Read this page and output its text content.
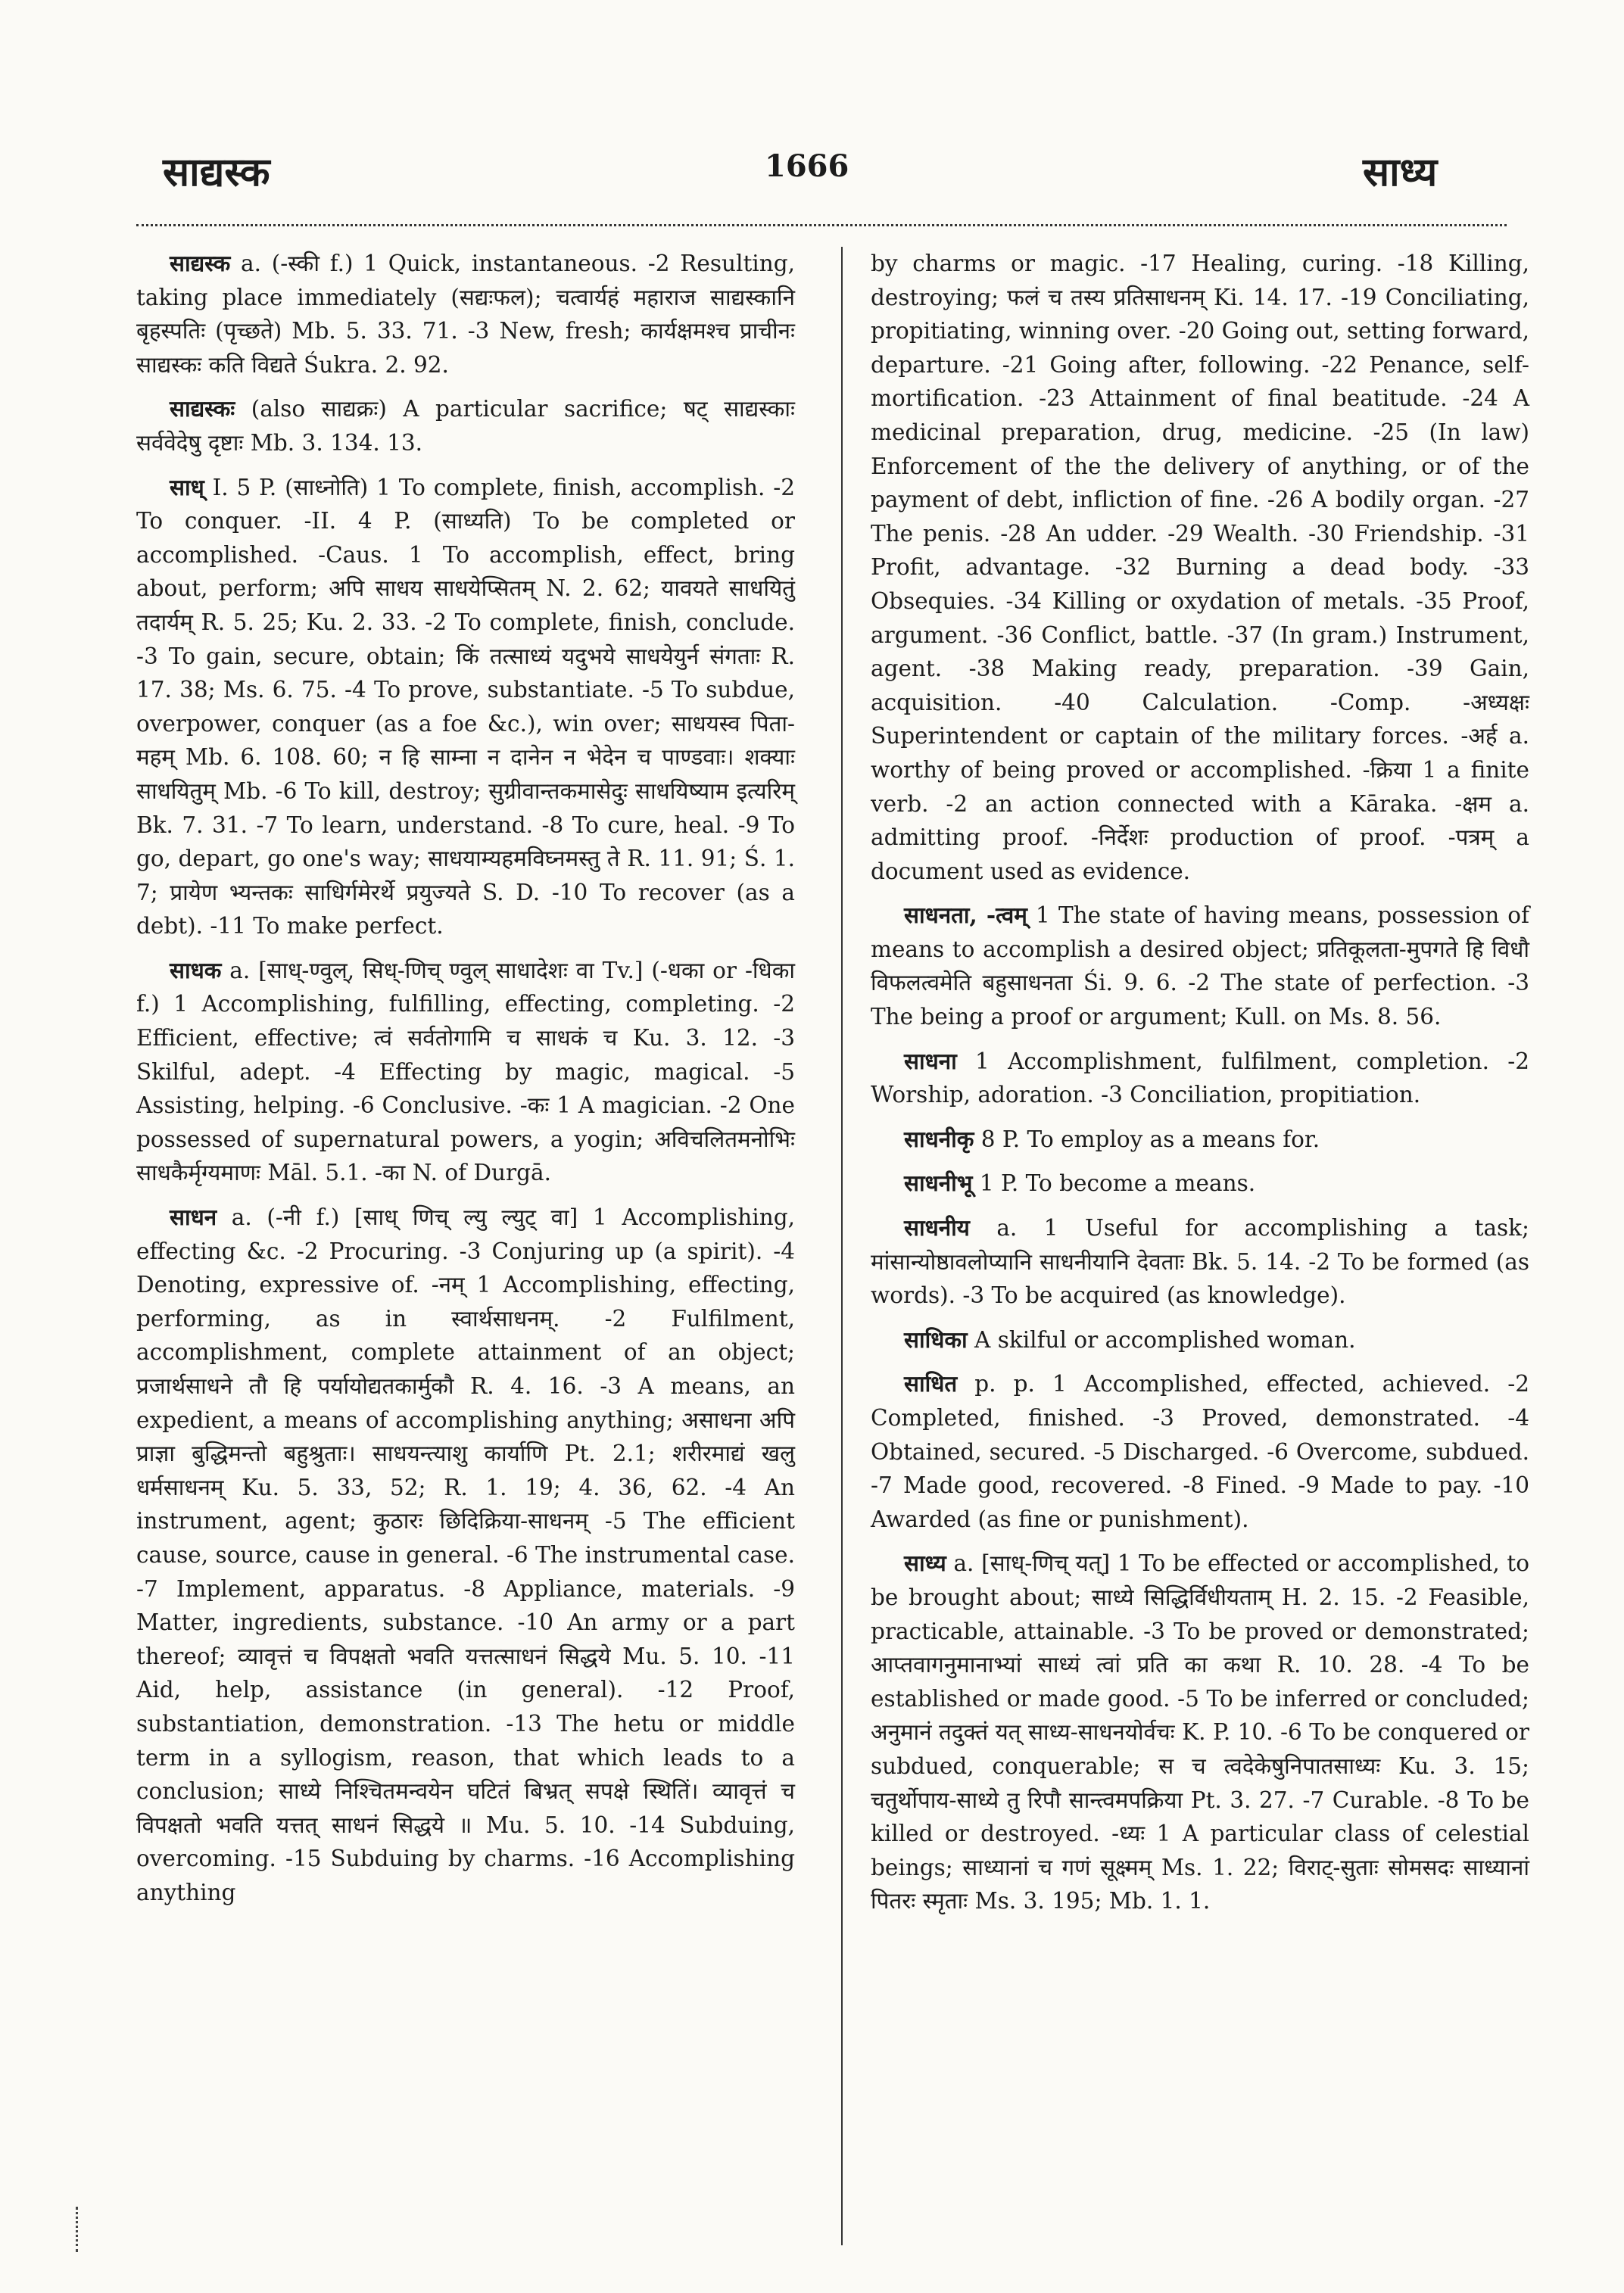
साद्यस्क	1666	साध्य

साद्यस्क a. (-स्की f.) 1 Quick, instantaneous. -2 Resulting, taking place immediately (सद्यःफल); चत्वार्यहं महाराज साद्यस्कानि बृहस्पतिः (पृच्छते) Mb. 5. 33. 71. -3 New, fresh; कार्यक्षमश्च प्राचीनः साद्यस्कः कति विद्यते Śukra. 2. 92.

साद्यस्कः (also साद्यक्रः) A particular sacrifice; षट् साद्यस्काः सर्ववेदेषु दृष्टाः Mb. 3. 134. 13.

साध् I. 5 P. (साध्नोति) 1 To complete, finish, accomplish. -2 To conquer. -II. 4 P. (साध्यति) To be completed or accomplished. -Caus. 1 To accomplish, effect, bring about, perform; अपि साधय साधयेप्सितम् N. 2. 62; यावयते साधयितुं तदार्यम् R. 5. 25; Ku. 2. 33. -2 To complete, finish, conclude. -3 To gain, secure, obtain; किं तत्साध्यं यदुभये साधयेयुर्न संगताः R. 17. 38; Ms. 6. 75. -4 To prove, substantiate. -5 To subdue, overpower, conquer (as a foe &c.), win over; साधयस्व पिता-महम् Mb. 6. 108. 60; न हि साम्ना न दानेन न भेदेन च पाण्डवाः। शक्याः साधयितुम् Mb. -6 To kill, destroy; सुग्रीवान्तकमासेदुः साधयिष्याम इत्यरिम् Bk. 7. 31. -7 To learn, understand. -8 To cure, heal. -9 To go, depart, go one's way; साधयाम्यहमविघ्नमस्तु ते R. 11. 91; Ś. 1. 7; प्रायेण भ्यन्तकः साधिर्गमेरर्थे प्रयुज्यते S. D. -10 To recover (as a debt). -11 To make perfect.

साधक a. [साध्-ण्वुल्, सिध्-णिच् ण्वुल् साधादेशः वा Tv.] (-धका or -धिका f.) 1 Accomplishing, fulfilling, effecting, completing. -2 Efficient, effective; त्वं सर्वतोगामि च साधकं च Ku. 3. 12. -3 Skilful, adept. -4 Effecting by magic, magical. -5 Assisting, helping. -6 Conclusive. -कः 1 A magician. -2 One possessed of supernatural powers, a yogin; अविचलितमनोभिः साधकैर्मृग्यमाणः Māl. 5.1. -का N. of Durgā.

साधन a. (-नी f.) [साध् णिच् ल्यु ल्युट् वा] 1 Accomplishing, effecting &c. -2 Procuring. -3 Conjuring up (a spirit). -4 Denoting, expressive of. -नम् 1 Accomplishing, effecting, performing, as in स्वार्थसाधनम्. -2 Fulfilment, accomplishment, complete attainment of an object; प्रजार्थसाधने तौ हि पर्यायोद्यतकार्मुकौ R. 4. 16. -3 A means, an expedient, a means of accomplishing anything; असाधना अपि प्राज्ञा बुद्धिमन्तो बहुश्रुताः। साधयन्त्याशु कार्याणि Pt. 2.1; शरीरमाद्यं खलु धर्मसाधनम् Ku. 5. 33, 52; R. 1. 19; 4. 36, 62. -4 An instrument, agent; कुठारः छिदिक्रिया-साधनम् -5 The efficient cause, source, cause in general. -6 The instrumental case. -7 Implement, apparatus. -8 Appliance, materials. -9 Matter, ingredients, substance. -10 An army or a part thereof; व्यावृत्तं च विपक्षतो भवति यत्तत्साधनं सिद्धये Mu. 5. 10. -11 Aid, help, assistance (in general). -12 Proof, substantiation, demonstration. -13 The hetu or middle term in a syllogism, reason, that which leads to a conclusion; साध्ये निश्चितमन्वयेन घटितं बिभ्रत् सपक्षे स्थितिं। व्यावृत्तं च विपक्षतो भवति यत्तत् साधनं सिद्धये ॥ Mu. 5. 10. -14 Subduing, overcoming. -15 Subduing by charms. -16 Accomplishing anything

by charms or magic. -17 Healing, curing. -18 Killing, destroying; फलं च तस्य प्रतिसाधनम् Ki. 14. 17. -19 Conciliating, propitiating, winning over. -20 Going out, setting forward, departure. -21 Going after, following. -22 Penance, self-mortification. -23 Attainment of final beatitude. -24 A medicinal preparation, drug, medicine. -25 (In law) Enforcement of the the delivery of anything, or of the payment of debt, infliction of fine. -26 A bodily organ. -27 The penis. -28 An udder. -29 Wealth. -30 Friendship. -31 Profit, advantage. -32 Burning a dead body. -33 Obsequies. -34 Killing or oxydation of metals. -35 Proof, argument. -36 Conflict, battle. -37 (In gram.) Instrument, agent. -38 Making ready, preparation. -39 Gain, acquisition. -40 Calculation. -Comp. -अध्यक्षः Superintendent or captain of the military forces. -अर्ह a. worthy of being proved or accomplished. -क्रिया 1 a finite verb. -2 an action connected with a Kāraka. -क्षम a. admitting proof. -निर्देशः production of proof. -पत्रम् a document used as evidence.

साधनता, -त्वम् 1 The state of having means, possession of means to accomplish a desired object; प्रतिकूलता-मुपगते हि विधौ विफलत्वमेति बहुसाधनता Śi. 9. 6. -2 The state of perfection. -3 The being a proof or argument; Kull. on Ms. 8. 56.

साधना 1 Accomplishment, fulfilment, completion. -2 Worship, adoration. -3 Conciliation, propitiation.

साधनीकृ 8 P. To employ as a means for.

साधनीभू 1 P. To become a means.

साधनीय a. 1 Useful for accomplishing a task; मांसान्योष्ठावलोप्यानि साधनीयानि देवताः Bk. 5. 14. -2 To be formed (as words). -3 To be acquired (as knowledge).

साधिका A skilful or accomplished woman.

साधित p. p. 1 Accomplished, effected, achieved. -2 Completed, finished. -3 Proved, demonstrated. -4 Obtained, secured. -5 Discharged. -6 Overcome, subdued. -7 Made good, recovered. -8 Fined. -9 Made to pay. -10 Awarded (as fine or punishment).

साध्य a. [साध्-णिच् यत्] 1 To be effected or accomplished, to be brought about; साध्ये सिद्धिर्विधीयताम् H. 2. 15. -2 Feasible, practicable, attainable. -3 To be proved or demonstrated; आप्तवागनुमानाभ्यां साध्यं त्वां प्रति का कथा R. 10. 28. -4 To be established or made good. -5 To be inferred or concluded; अनुमानं तदुक्तं यत् साध्य-साधनयोर्वचः K. P. 10. -6 To be conquered or subdued, conquerable; स च त्वदेकेषुनिपातसाध्यः Ku. 3. 15; चतुर्थोपाय-साध्ये तु रिपौ सान्त्वमपक्रिया Pt. 3. 27. -7 Curable. -8 To be killed or destroyed. -ध्यः 1 A particular class of celestial beings; साध्यानां च गणं सूक्ष्मम् Ms. 1. 22; विराट्-सुताः सोमसदः साध्यानां पितरः स्मृताः Ms. 3. 195; Mb. 1. 1.
